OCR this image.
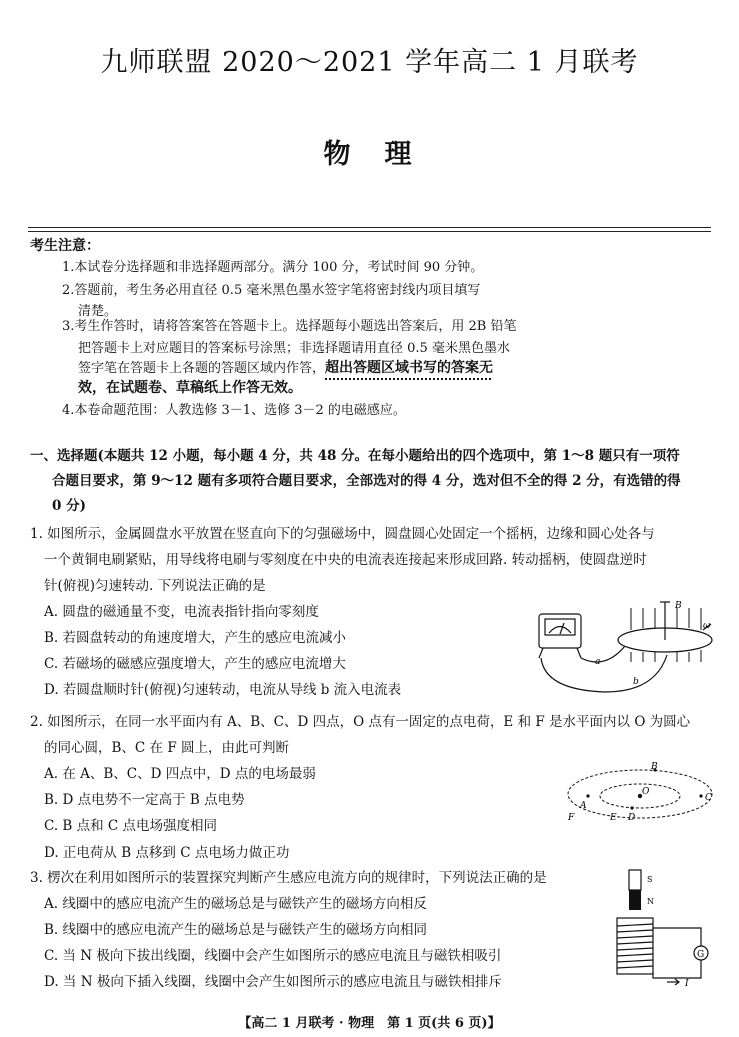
九师联盟 2020～2021 学年高二 1 月联考
物理
考生注意：
1.本试卷分选择题和非选择题两部分。满分 100 分，考试时间 90 分钟。
2.答题前，考生务必用直径 0.5 毫米黑色墨水签字笔将密封线内项目填写
清楚。
3.考生作答时，请将答案答在答题卡上。选择题每小题选出答案后，用 2B 铅笔
把答题卡上对应题目的答案标号涂黑；非选择题请用直径 0.5 毫米黑色墨水
签字笔在答题卡上各题的答题区域内作答，超出答题区域书写的答案无
效，在试题卷、草稿纸上作答无效。
4.本卷命题范围：人教选修 3－1、选修 3－2 的电磁感应。
一、选择题(本题共 12 小题，每小题 4 分，共 48 分。在每小题给出的四个选项中，第 1～8 题只有一项符
合题目要求，第 9～12 题有多项符合题目要求，全部选对的得 4 分，选对但不全的得 2 分，有选错的得
0 分)
1. 如图所示，金属圆盘水平放置在竖直向下的匀强磁场中，圆盘圆心处固定一个摇柄，边缘和圆心处各与
一个黄铜电刷紧贴，用导线将电刷与零刻度在中央的电流表连接起来形成回路. 转动摇柄，使圆盘逆时
针(俯视)匀速转动. 下列说法正确的是
A. 圆盘的磁通量不变，电流表指针指向零刻度
B. 若圆盘转动的角速度增大，产生的感应电流减小
C. 若磁场的磁感应强度增大，产生的感应电流增大
D. 若圆盘顺时针(俯视)匀速转动，电流从导线 b 流入电流表
B
ω
a
b
2. 如图所示，在同一水平面内有 A、B、C、D 四点，O 点有一固定的点电荷，E 和 F 是水平面内以 O 为圆心
的同心圆，B、C 在 F 圆上，由此可判断
A. 在 A、B、C、D 四点中，D 点的电场最弱
B. D 点电势不一定高于 B 点电势
C. B 点和 C 点电场强度相同
D. 正电荷从 B 点移到 C 点电场力做正功
B
A
O
C
F	E D
3. 楞次在利用如图所示的装置探究判断产生感应电流方向的规律时，下列说法正确的是
A. 线圈中的感应电流产生的磁场总是与磁铁产生的磁场方向相反
B. 线圈中的感应电流产生的磁场总是与磁铁产生的磁场方向相同
C. 当 N 极向下拔出线圈，线圈中会产生如图所示的感应电流且与磁铁相吸引
D. 当 N 极向下插入线圈，线圈中会产生如图所示的感应电流且与磁铁相排斥
S
N
G
I
【高二 1 月联考 · 物理　第 1 页(共 6 页)】
